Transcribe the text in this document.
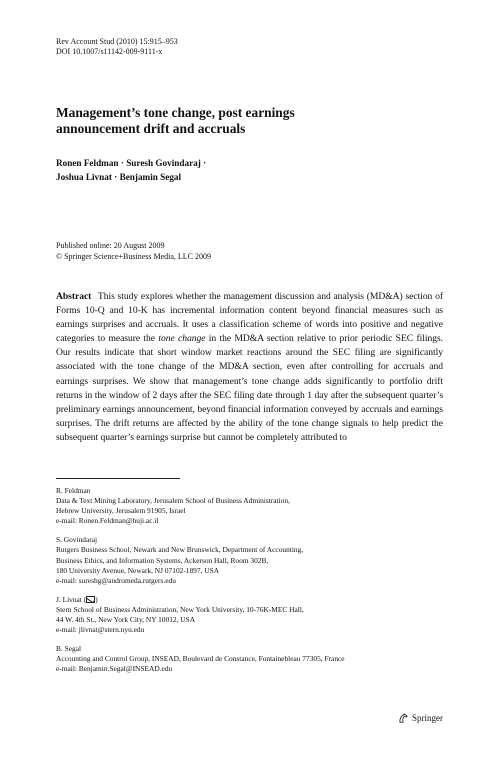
Rev Account Stud (2010) 15:915–953
DOI 10.1007/s11142-009-9111-x
Management’s tone change, post earnings
announcement drift and accruals
Ronen Feldman · Suresh Govindaraj ·
Joshua Livnat · Benjamin Segal
Published online: 20 August 2009
© Springer Science+Business Media, LLC 2009

Abstract This study explores whether the management discussion and analysis (MD&A) section of Forms 10-Q and 10-K has incremental information content beyond financial measures such as earnings surprises and accruals. It uses a classification scheme of words into positive and negative categories to measure the tone change in the MD&A section relative to prior periodic SEC filings. Our results indicate that short window market reactions around the SEC filing are significantly associated with the tone change of the MD&A section, even after controlling for accruals and earnings surprises. We show that management’s tone change adds significantly to portfolio drift returns in the window of 2 days after the SEC filing date through 1 day after the subsequent quarter’s preliminary earnings announcement, beyond financial information conveyed by accruals and earnings surprises. The drift returns are affected by the ability of the tone change signals to help predict the subsequent quarter’s earnings surprise but cannot be completely attributed to

R. Feldman
Data & Text Mining Laboratory, Jerusalem School of Business Administration,
Hebrew University, Jerusalem 91905, Israel
e-mail: Ronen.Feldman@huji.ac.il
S. Govindaraj
Rutgers Business School, Newark and New Brunswick, Department of Accounting,
Business Ethics, and Information Systems, Ackerson Hall, Room 302B,
180 University Avenue, Newark, NJ 07102-1897, USA
e-mail: sureshg@andromeda.rutgers.edu
J. Livnat ( )
Stern School of Business Administration, New York University, 10-76K-MEC Hall,
44 W. 4th St., New York City, NY 10012, USA
e-mail: jlivnat@stern.nyu.edu
B. Segal
Accounting and Control Group, INSEAD, Boulevard de Constance, Fontainebleau 77305, France
e-mail: Benjamin.Segal@INSEAD.edu
Springer
